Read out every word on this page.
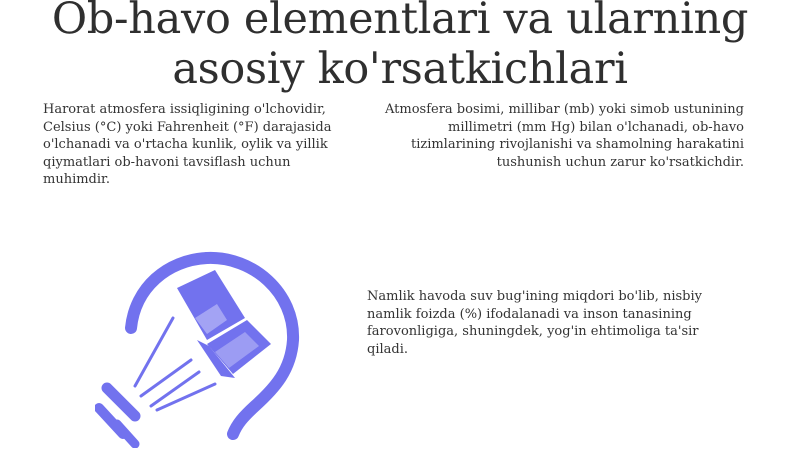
Ob-havo elementlari va ularning asosiy ko'rsatkichlari

Harorat atmosfera issiqligining o'lchovidir, Celsius (°C) yoki Fahrenheit (°F) darajasida o'lchanadi va o'rtacha kunlik, oylik va yillik qiymatlari ob-havoni tavsiflash uchun muhimdir.

Atmosfera bosimi, millibar (mb) yoki simob ustunining millimetri (mm Hg) bilan o'lchanadi, ob-havo tizimlarining rivojlanishi va shamolning harakatini tushunish uchun zarur ko'rsatkichdir.

Namlik havoda suv bug'ining miqdori bo'lib, nisbiy namlik foizda (%) ifodalanadi va inson tanasining farovonligiga, shuningdek, yog'in ehtimoliga ta'sir qiladi.
